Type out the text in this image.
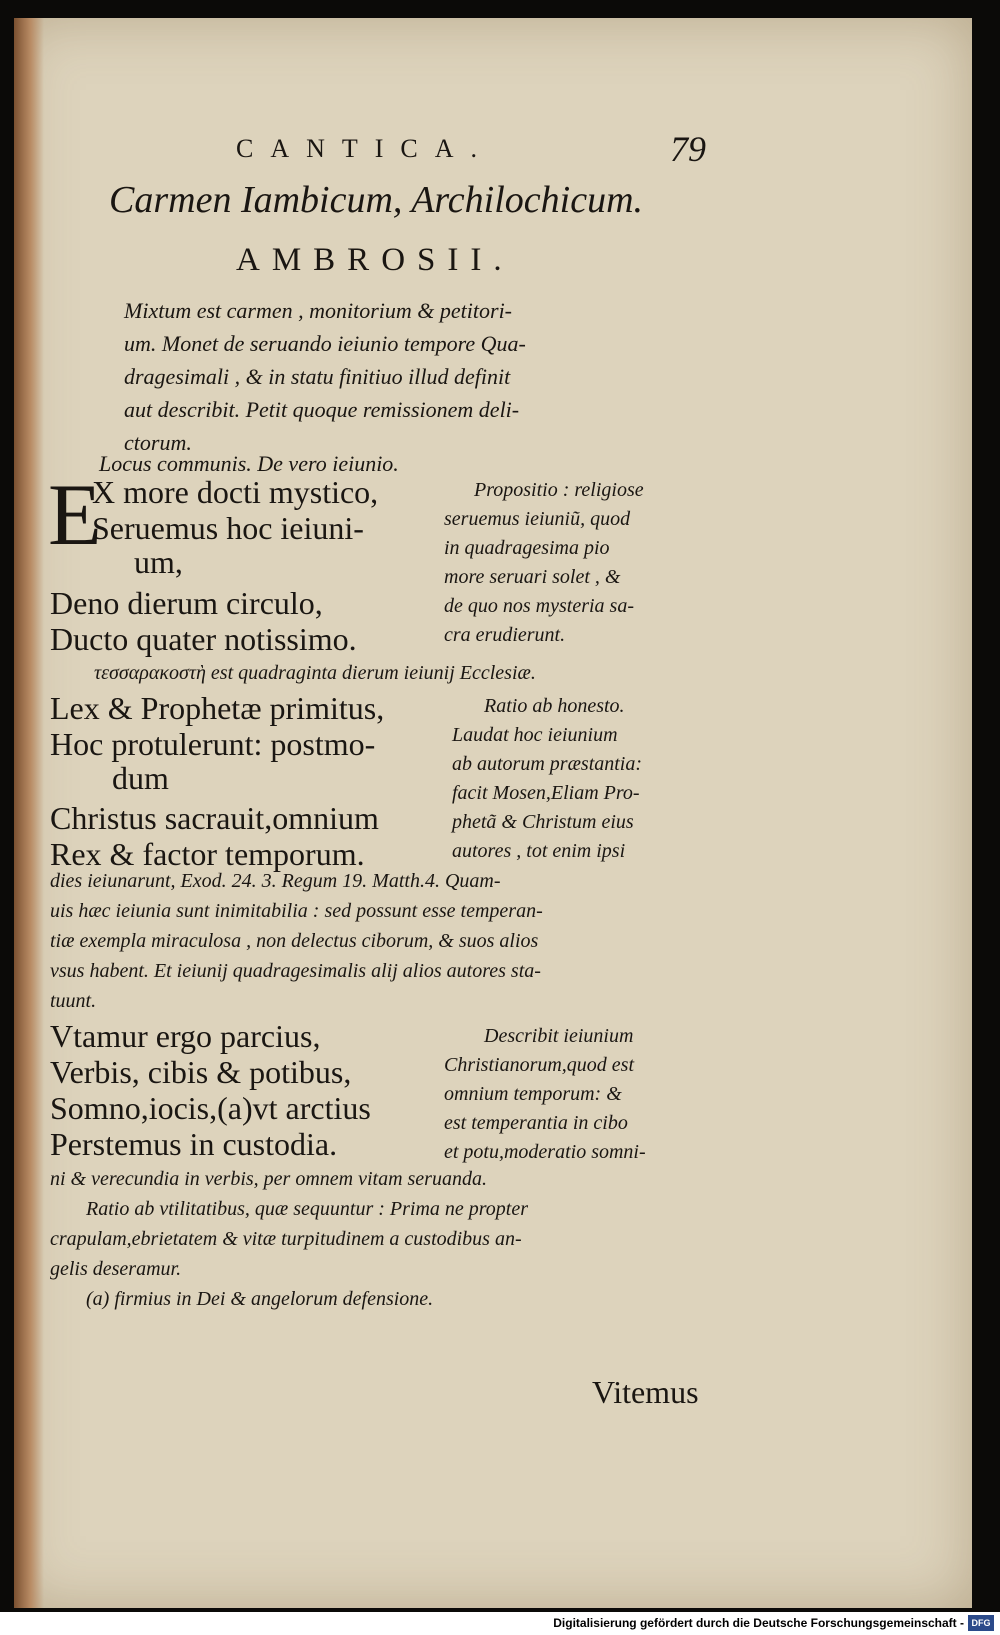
CANTICA.	79
Carmen Iambicum, Archilochicum.
AMBROSII.
Mixtum est carmen , monitorium & petitori-
um. Monet de seruando ieiunio tempore Qua-
dragesimali , & in statu finitiuo illud definit
aut describit. Petit quoque remissionem deli-
ctorum.
Locus communis. De vero ieiunio.
E
X more docti mystico,
Seruemus hoc ieiuni-
um,
Deno dierum circulo,
Ducto quater notissimo.
Propositio : religiose
seruemus ieiuniũ, quod
in quadragesima pio
more seruari solet , &
de quo nos mysteria sa-
cra erudierunt.
τεσσαρακοστὴ est quadraginta dierum ieiunij Ecclesiæ.
Lex & Prophetæ primitus,
Hoc protulerunt: postmo-
dum
Christus sacrauit,omnium
Rex & factor temporum.
Ratio ab honesto.
Laudat hoc ieiunium
ab autorum præstantia:
facit Mosen,Eliam Pro-
phetã & Christum eius
autores , tot enim ipsi
dies ieiunarunt, Exod. 24. 3. Regum 19. Matth.4. Quam-
uis hæc ieiunia sunt inimitabilia : sed possunt esse temperan-
tiæ exempla miraculosa , non delectus ciborum, & suos alios
vsus habent. Et ieiunij quadragesimalis alij alios autores sta-
tuunt.
Vtamur ergo parcius,
Verbis, cibis & potibus,
Somno,iocis,(a)vt arctius
Perstemus in custodia.
Describit ieiunium
Christianorum,quod est
omnium temporum: &
est temperantia in cibo
et potu,moderatio somni-
ni & verecundia in verbis, per omnem vitam seruanda.
Ratio ab vtilitatibus, quæ sequuntur : Prima ne propter
crapulam,ebrietatem & vitæ turpitudinem a custodibus an-
gelis deseramur.
(a) firmius in Dei & angelorum defensione.
Vitemus
Digitalisierung gefördert durch die Deutsche Forschungsgemeinschaft - DFG
